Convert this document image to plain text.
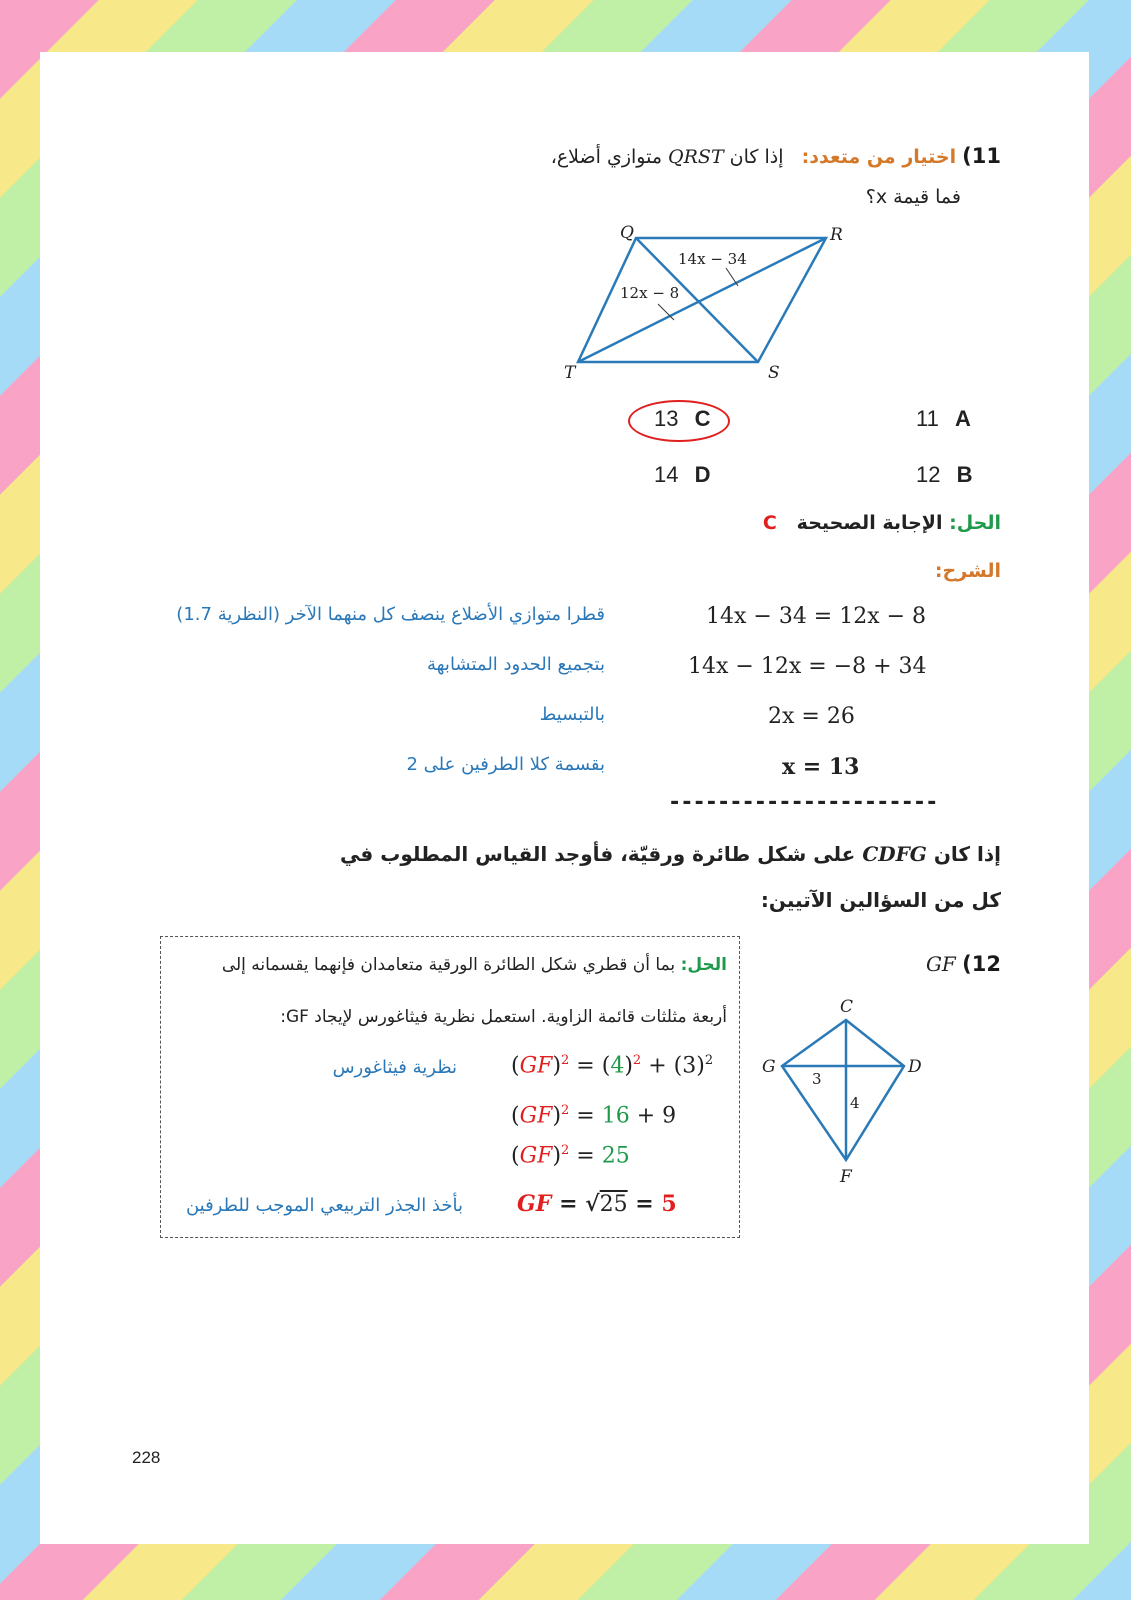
11) اختيار من متعدد:   إذا كان QRST متوازي أضلاع،
فما قيمة x؟
Q	R
S
T
14x − 34
12x − 8
11 A
12 B
13 C
14 D
الحل: الإجابة الصحيحة   C
الشرح:
14x − 34 = 12x − 8
قطرا متوازي الأضلاع ينصف كل منهما الآخر (النظرية 1.7)
14x − 12x = −8 + 34
بتجميع الحدود المتشابهة
2x = 26
بالتبسيط
x = 13
بقسمة كلا الطرفين على 2
----------------------
إذا كان CDFG على شكل طائرة ورقيّة، فأوجد القياس المطلوب في
كل من السؤالين الآتيين:
12) GF
C
D
F
G
3
4
الحل: بما أن قطري شكل الطائرة الورقية متعامدان فإنهما يقسمانه إلى
أربعة مثلثات قائمة الزاوية. استعمل نظرية فيثاغورس لإيجاد GF:
$(GF)^2 = (4)^2 + (3)^2$
نظرية فيثاغورس
(GF)$^2$ = 16 + 9
(GF)$^2$ = 25
GF = √25 = 5
بأخذ الجذر التربيعي الموجب للطرفين
228
